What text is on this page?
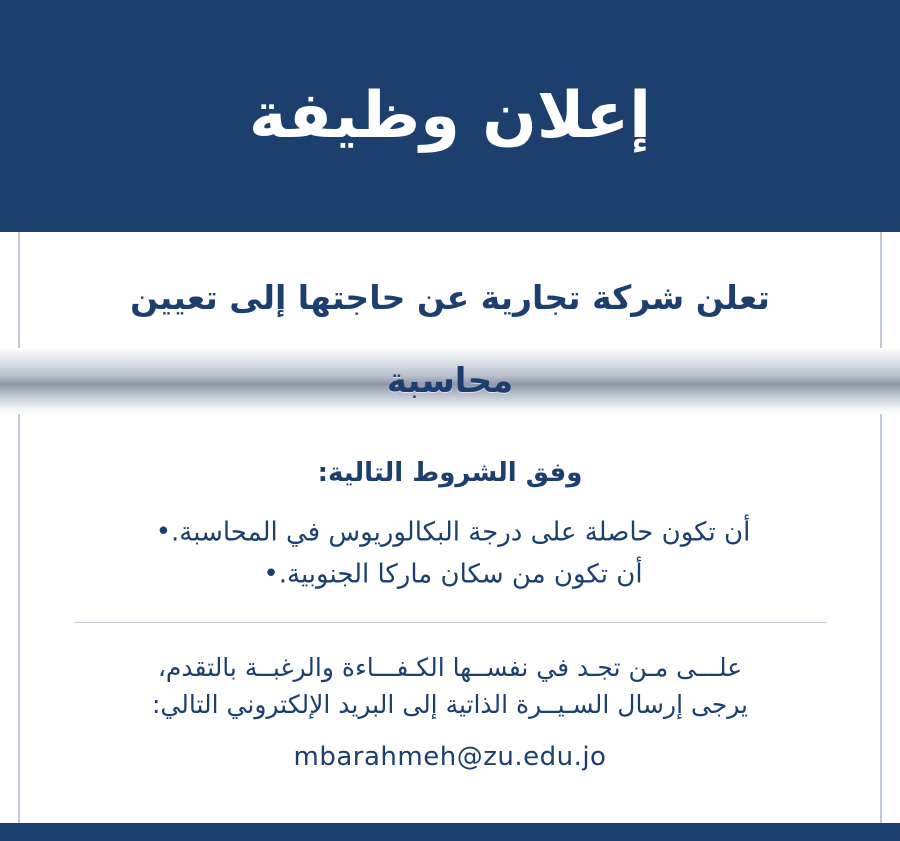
إعلان وظيفة
تعلن شركة تجارية عن حاجتها إلى تعيين
محاسبة
وفق الشروط التالية:
أن تكون حاصلة على درجة البكالوريوس في المحاسبة.•
أن تكون من سكان ماركا الجنوبية.•
علـــى مـن تجـد في نفســها الكـفـــاءة والرغبــة بالتقدم،
يرجى إرسال السـيــرة الذاتية إلى البريد الإلكتروني التالي:
mbarahmeh@zu.edu.jo
